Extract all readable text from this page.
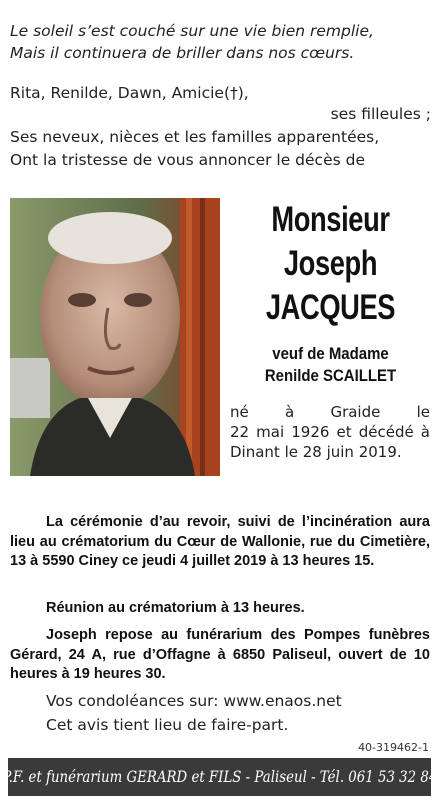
Le soleil s’est couché sur une vie bien remplie,
Mais il continuera de briller dans nos cœurs.
Rita, Renilde, Dawn, Amicie(†),
ses filleules ;
Ses neveux, nièces et les familles apparentées,
Ont la tristesse de vous annoncer le décès de
Monsieur
Joseph
JACQUES
veuf de Madame
Renilde SCAILLET
né à Graide le
22 mai 1926 et décédé à
Dinant le 28 juin 2019.
La cérémonie d’au revoir, suivi de l’incinération aura lieu au crématorium du Cœur de Wallonie, rue du Cimetière, 13 à 5590 Ciney ce jeudi 4 juillet 2019 à 13 heures 15.
Réunion au crématorium à 13 heures.
Joseph repose au funérarium des Pompes funèbres Gérard, 24 A, rue d’Offagne à 6850 Paliseul, ouvert de 10 heures à 19 heures 30.
Vos condoléances sur: www.enaos.net
Cet avis tient lieu de faire-part.
40-319462-1
P.F. et funérarium GERARD et FILS - Paliseul - Tél. 061 53 32 84
